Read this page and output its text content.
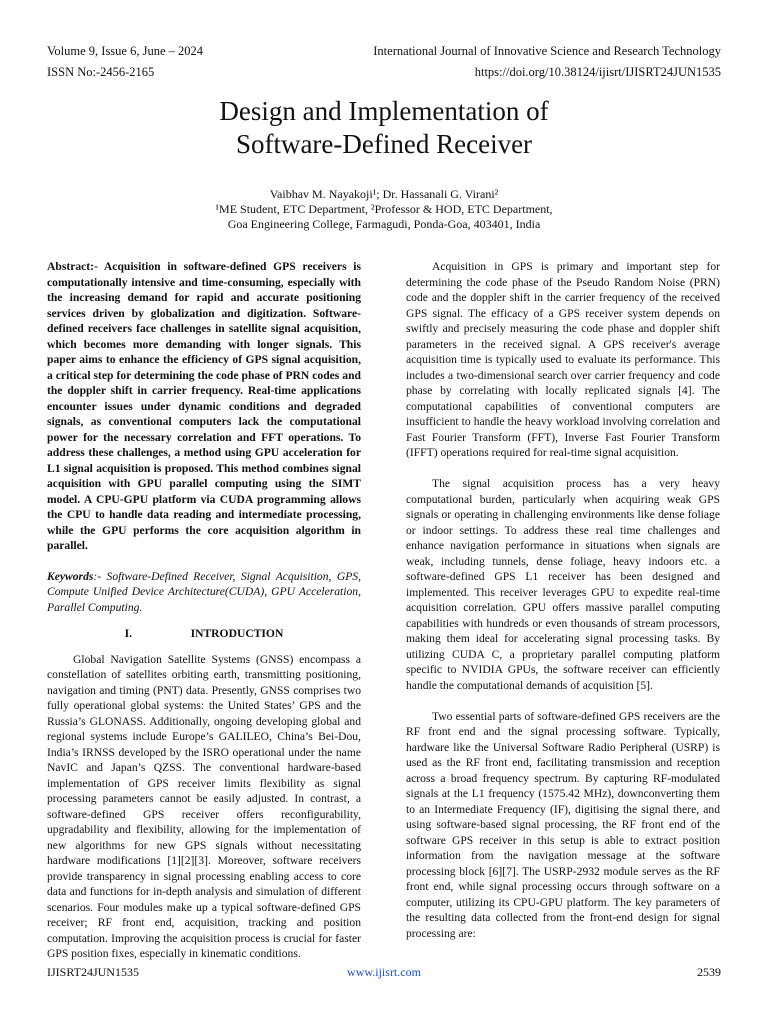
Volume 9, Issue 6, June – 2024
ISSN No:-2456-2165
International Journal of Innovative Science and Research Technology
https://doi.org/10.38124/ijisrt/IJISRT24JUN1535
Design and Implementation of
Software-Defined Receiver
Vaibhav M. Nayakoji¹; Dr. Hassanali G. Virani²
¹ME Student, ETC Department, ²Professor & HOD, ETC Department,
Goa Engineering College, Farmagudi, Ponda-Goa, 403401, India

Abstract:- Acquisition in software-defined GPS receivers is computationally intensive and time-consuming, especially with the increasing demand for rapid and accurate positioning services driven by globalization and digitization. Software-defined receivers face challenges in satellite signal acquisition, which becomes more demanding with longer signals. This paper aims to enhance the efficiency of GPS signal acquisition, a critical step for determining the code phase of PRN codes and the doppler shift in carrier frequency. Real-time applications encounter issues under dynamic conditions and degraded signals, as conventional computers lack the computational power for the necessary correlation and FFT operations. To address these challenges, a method using GPU acceleration for L1 signal acquisition is proposed. This method combines signal acquisition with GPU parallel computing using the SIMT model. A CPU-GPU platform via CUDA programming allows the CPU to handle data reading and intermediate processing, while the GPU performs the core acquisition algorithm in parallel.

Keywords:- Software-Defined Receiver, Signal Acquisition, GPS, Compute Unified Device Architecture(CUDA), GPU Acceleration, Parallel Computing.

I.	INTRODUCTION

Global Navigation Satellite Systems (GNSS) encompass a constellation of satellites orbiting earth, transmitting positioning, navigation and timing (PNT) data. Presently, GNSS comprises two fully operational global systems: the United States’ GPS and the Russia’s GLONASS. Additionally, ongoing developing global and regional systems include Europe’s GALILEO, China’s Bei-Dou, India’s IRNSS developed by the ISRO operational under the name NavIC and Japan’s QZSS. The conventional hardware-based implementation of GPS receiver limits flexibility as signal processing parameters cannot be easily adjusted. In contrast, a software-defined GPS receiver offers reconfigurability, upgradability and flexibility, allowing for the implementation of new algorithms for new GPS signals without necessitating hardware modifications [1][2][3]. Moreover, software receivers provide transparency in signal processing enabling access to core data and functions for in-depth analysis and simulation of different scenarios. Four modules make up a typical software-defined GPS receiver; RF front end, acquisition, tracking and position computation. Improving the acquisition process is crucial for faster GPS position fixes, especially in kinematic conditions.

Acquisition in GPS is primary and important step for determining the code phase of the Pseudo Random Noise (PRN) code and the doppler shift in the carrier frequency of the received GPS signal. The efficacy of a GPS receiver system depends on swiftly and precisely measuring the code phase and doppler shift parameters in the received signal. A GPS receiver's average acquisition time is typically used to evaluate its performance. This includes a two-dimensional search over carrier frequency and code phase by correlating with locally replicated signals [4]. The computational capabilities of conventional computers are insufficient to handle the heavy workload involving correlation and Fast Fourier Transform (FFT), Inverse Fast Fourier Transform (IFFT) operations required for real-time signal acquisition.

The signal acquisition process has a very heavy computational burden, particularly when acquiring weak GPS signals or operating in challenging environments like dense foliage or indoor settings. To address these real time challenges and enhance navigation performance in situations when signals are weak, including tunnels, dense foliage, heavy indoors etc. a software-defined GPS L1 receiver has been designed and implemented. This receiver leverages GPU to expedite real-time acquisition correlation. GPU offers massive parallel computing capabilities with hundreds or even thousands of stream processors, making them ideal for accelerating signal processing tasks. By utilizing CUDA C, a proprietary parallel computing platform specific to NVIDIA GPUs, the software receiver can efficiently handle the computational demands of acquisition [5].

Two essential parts of software-defined GPS receivers are the RF front end and the signal processing software. Typically, hardware like the Universal Software Radio Peripheral (USRP) is used as the RF front end, facilitating transmission and reception across a broad frequency spectrum. By capturing RF-modulated signals at the L1 frequency (1575.42 MHz), downconverting them to an Intermediate Frequency (IF), digitising the signal there, and using software-based signal processing, the RF front end of the software GPS receiver in this setup is able to extract position information from the navigation message at the software processing block [6][7]. The USRP-2932 module serves as the RF front end, while signal processing occurs through software on a computer, utilizing its CPU-GPU platform. The key parameters of the resulting data collected from the front-end design for signal processing are:

IJISRT24JUN1535	www.ijisrt.com	2539
